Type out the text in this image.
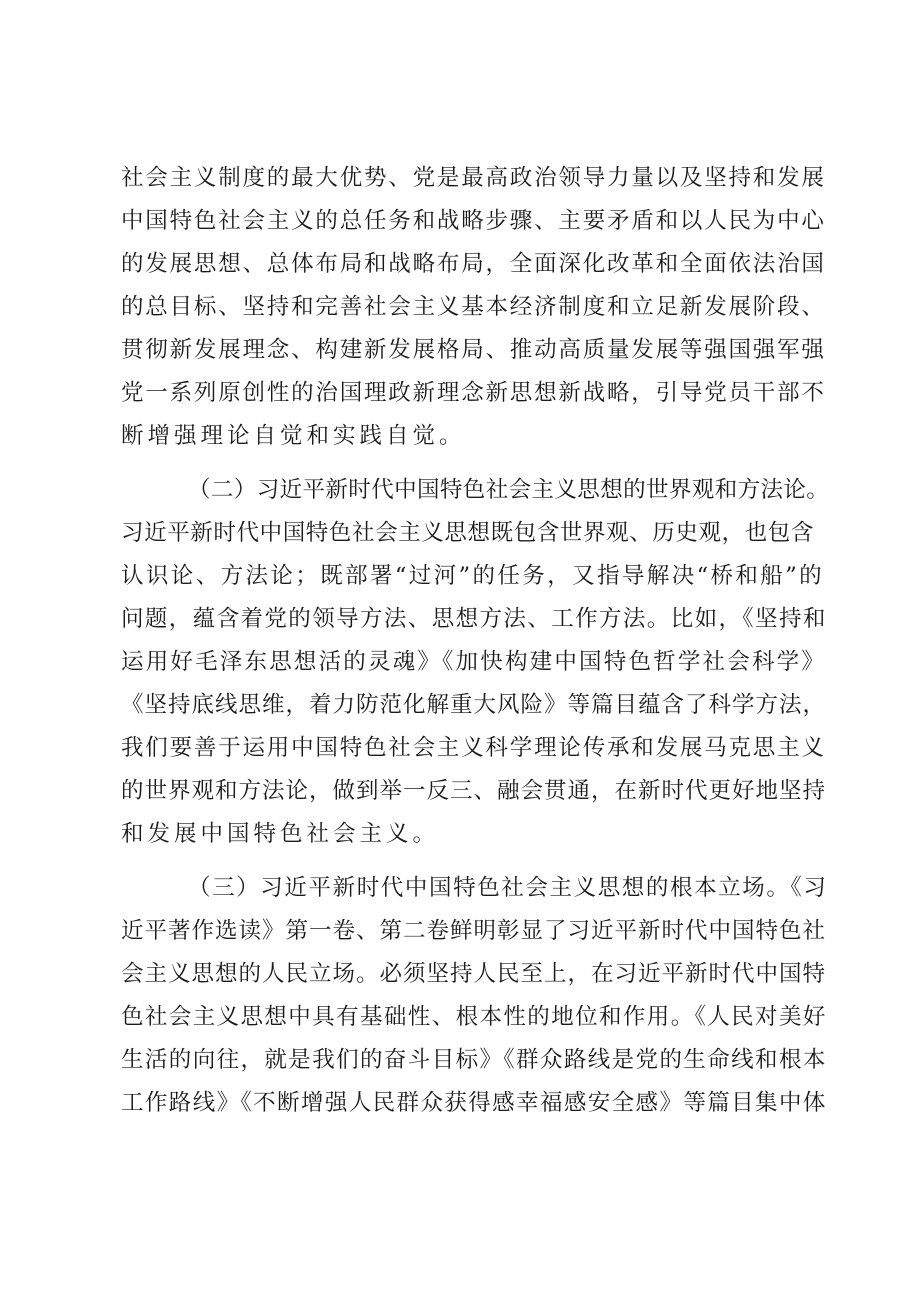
社会主义制度的最大优势、党是最高政治领导力量以及坚持和发展
中国特色社会主义的总任务和战略步骤、主要矛盾和以人民为中心
的发展思想、总体布局和战略布局，全面深化改革和全面依法治国
的总目标、坚持和完善社会主义基本经济制度和立足新发展阶段、
贯彻新发展理念、构建新发展格局、推动高质量发展等强国强军强
党一系列原创性的治国理政新理念新思想新战略，引导党员干部不
断增强理论自觉和实践自觉。
（二）习近平新时代中国特色社会主义思想的世界观和方法论。
习近平新时代中国特色社会主义思想既包含世界观、历史观，也包含
认识论、方法论；既部署“过河”的任务，又指导解决“桥和船”的
问题，蕴含着党的领导方法、思想方法、工作方法。比如，《坚持和
运用好毛泽东思想活的灵魂》《加快构建中国特色哲学社会科学》
《坚持底线思维，着力防范化解重大风险》等篇目蕴含了科学方法，
我们要善于运用中国特色社会主义科学理论传承和发展马克思主义
的世界观和方法论，做到举一反三、融会贯通，在新时代更好地坚持
和发展中国特色社会主义。
（三）习近平新时代中国特色社会主义思想的根本立场。《习
近平著作选读》第一卷、第二卷鲜明彰显了习近平新时代中国特色社
会主义思想的人民立场。必须坚持人民至上，在习近平新时代中国特
色社会主义思想中具有基础性、根本性的地位和作用。《人民对美好
生活的向往，就是我们的奋斗目标》《群众路线是党的生命线和根本
工作路线》《不断增强人民群众获得感幸福感安全感》等篇目集中体
